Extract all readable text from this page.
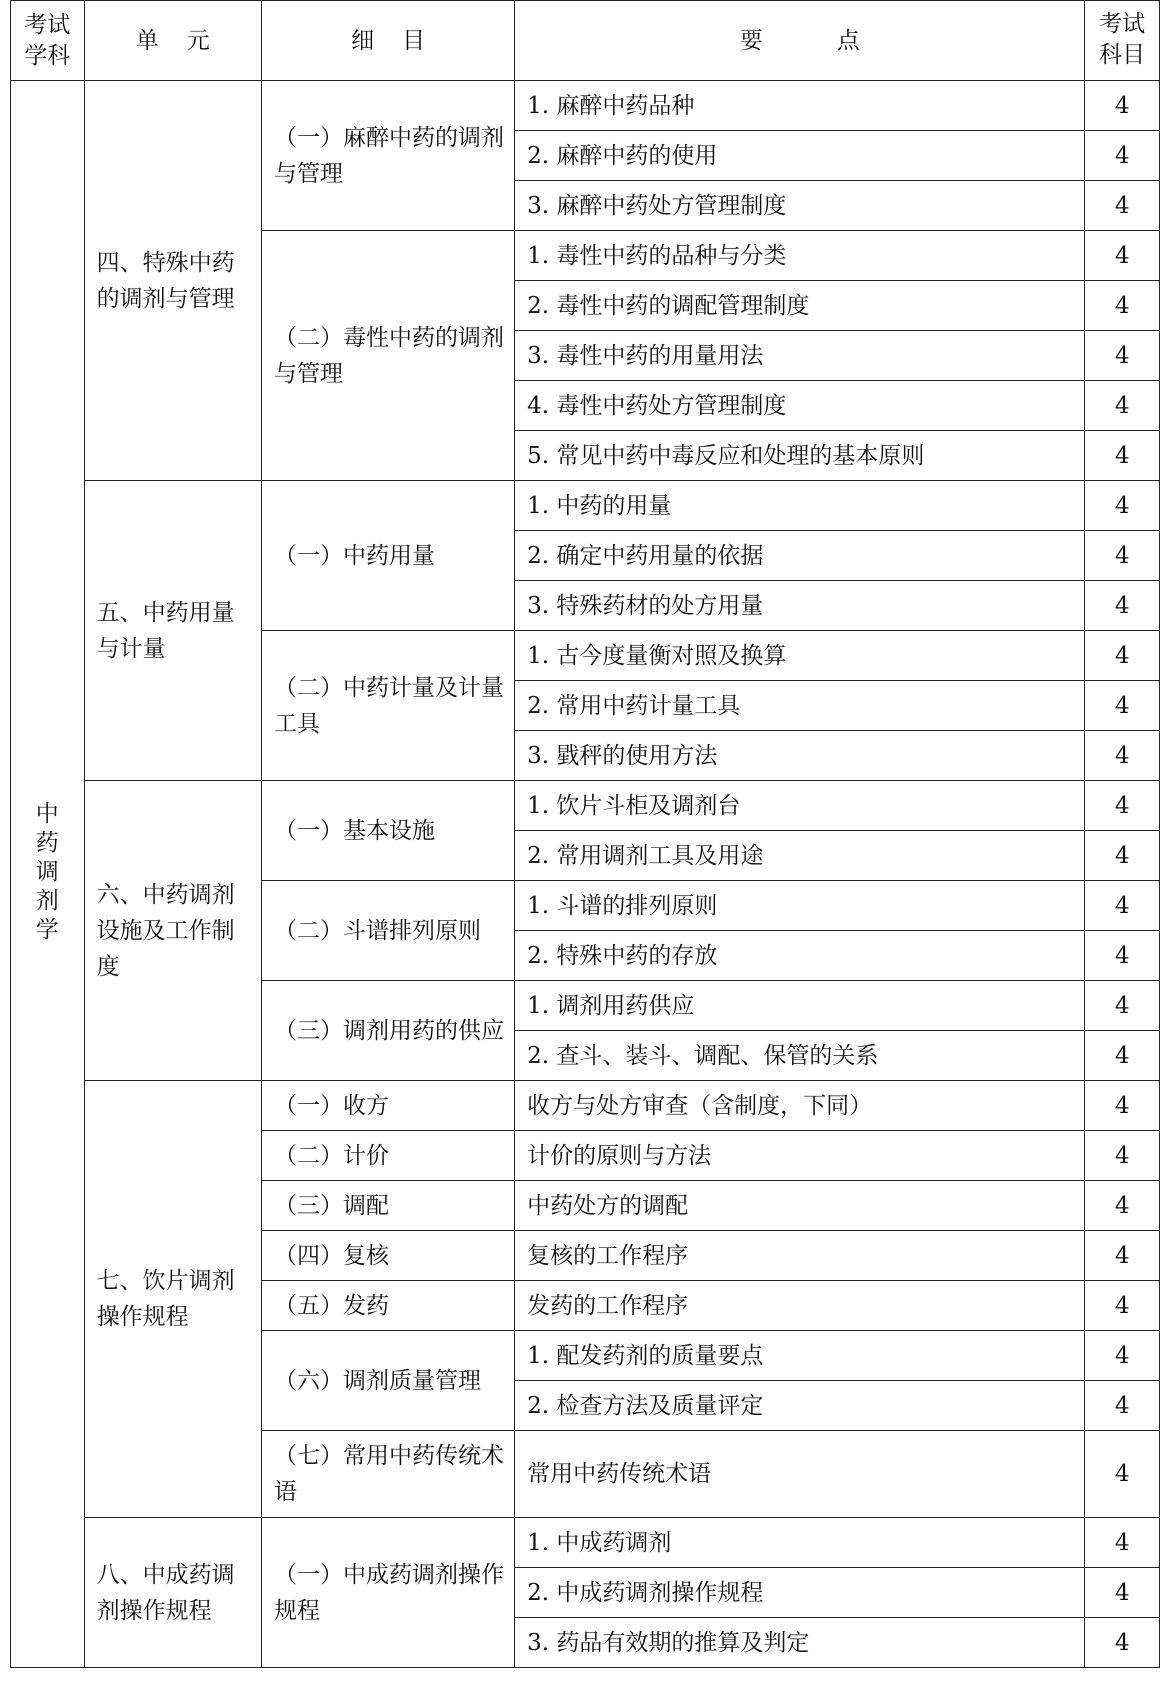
考试学科	单 元	细 目	要 点	考试科目
中药调剂学	四、特殊中药的调剂与管理	（一）麻醉中药的调剂与管理	1. 麻醉中药品种	4
			2. 麻醉中药的使用	4
			3. 麻醉中药处方管理制度	4
		（二）毒性中药的调剂与管理	1. 毒性中药的品种与分类	4
			2. 毒性中药的调配管理制度	4
			3. 毒性中药的用量用法	4
			4. 毒性中药处方管理制度	4
			5. 常见中药中毒反应和处理的基本原则	4
	五、中药用量与计量	（一）中药用量	1. 中药的用量	4
			2. 确定中药用量的依据	4
			3. 特殊药材的处方用量	4
		（二）中药计量及计量工具	1. 古今度量衡对照及换算	4
			2. 常用中药计量工具	4
			3. 戥秤的使用方法	4
	六、中药调剂设施及工作制度	（一）基本设施	1. 饮片斗柜及调剂台	4
			2. 常用调剂工具及用途	4
		（二）斗谱排列原则	1. 斗谱的排列原则	4
			2. 特殊中药的存放	4
		（三）调剂用药的供应	1. 调剂用药供应	4
			2. 查斗、装斗、调配、保管的关系	4
	七、饮片调剂操作规程	（一）收方	收方与处方审查（含制度，下同）	4
		（二）计价	计价的原则与方法	4
		（三）调配	中药处方的调配	4
		（四）复核	复核的工作程序	4
		（五）发药	发药的工作程序	4
		（六）调剂质量管理	1. 配发药剂的质量要点	4
			2. 检查方法及质量评定	4
		（七）常用中药传统术语	常用中药传统术语	4
	八、中成药调剂操作规程	（一）中成药调剂操作规程	1. 中成药调剂	4
			2. 中成药调剂操作规程	4
			3. 药品有效期的推算及判定	4
